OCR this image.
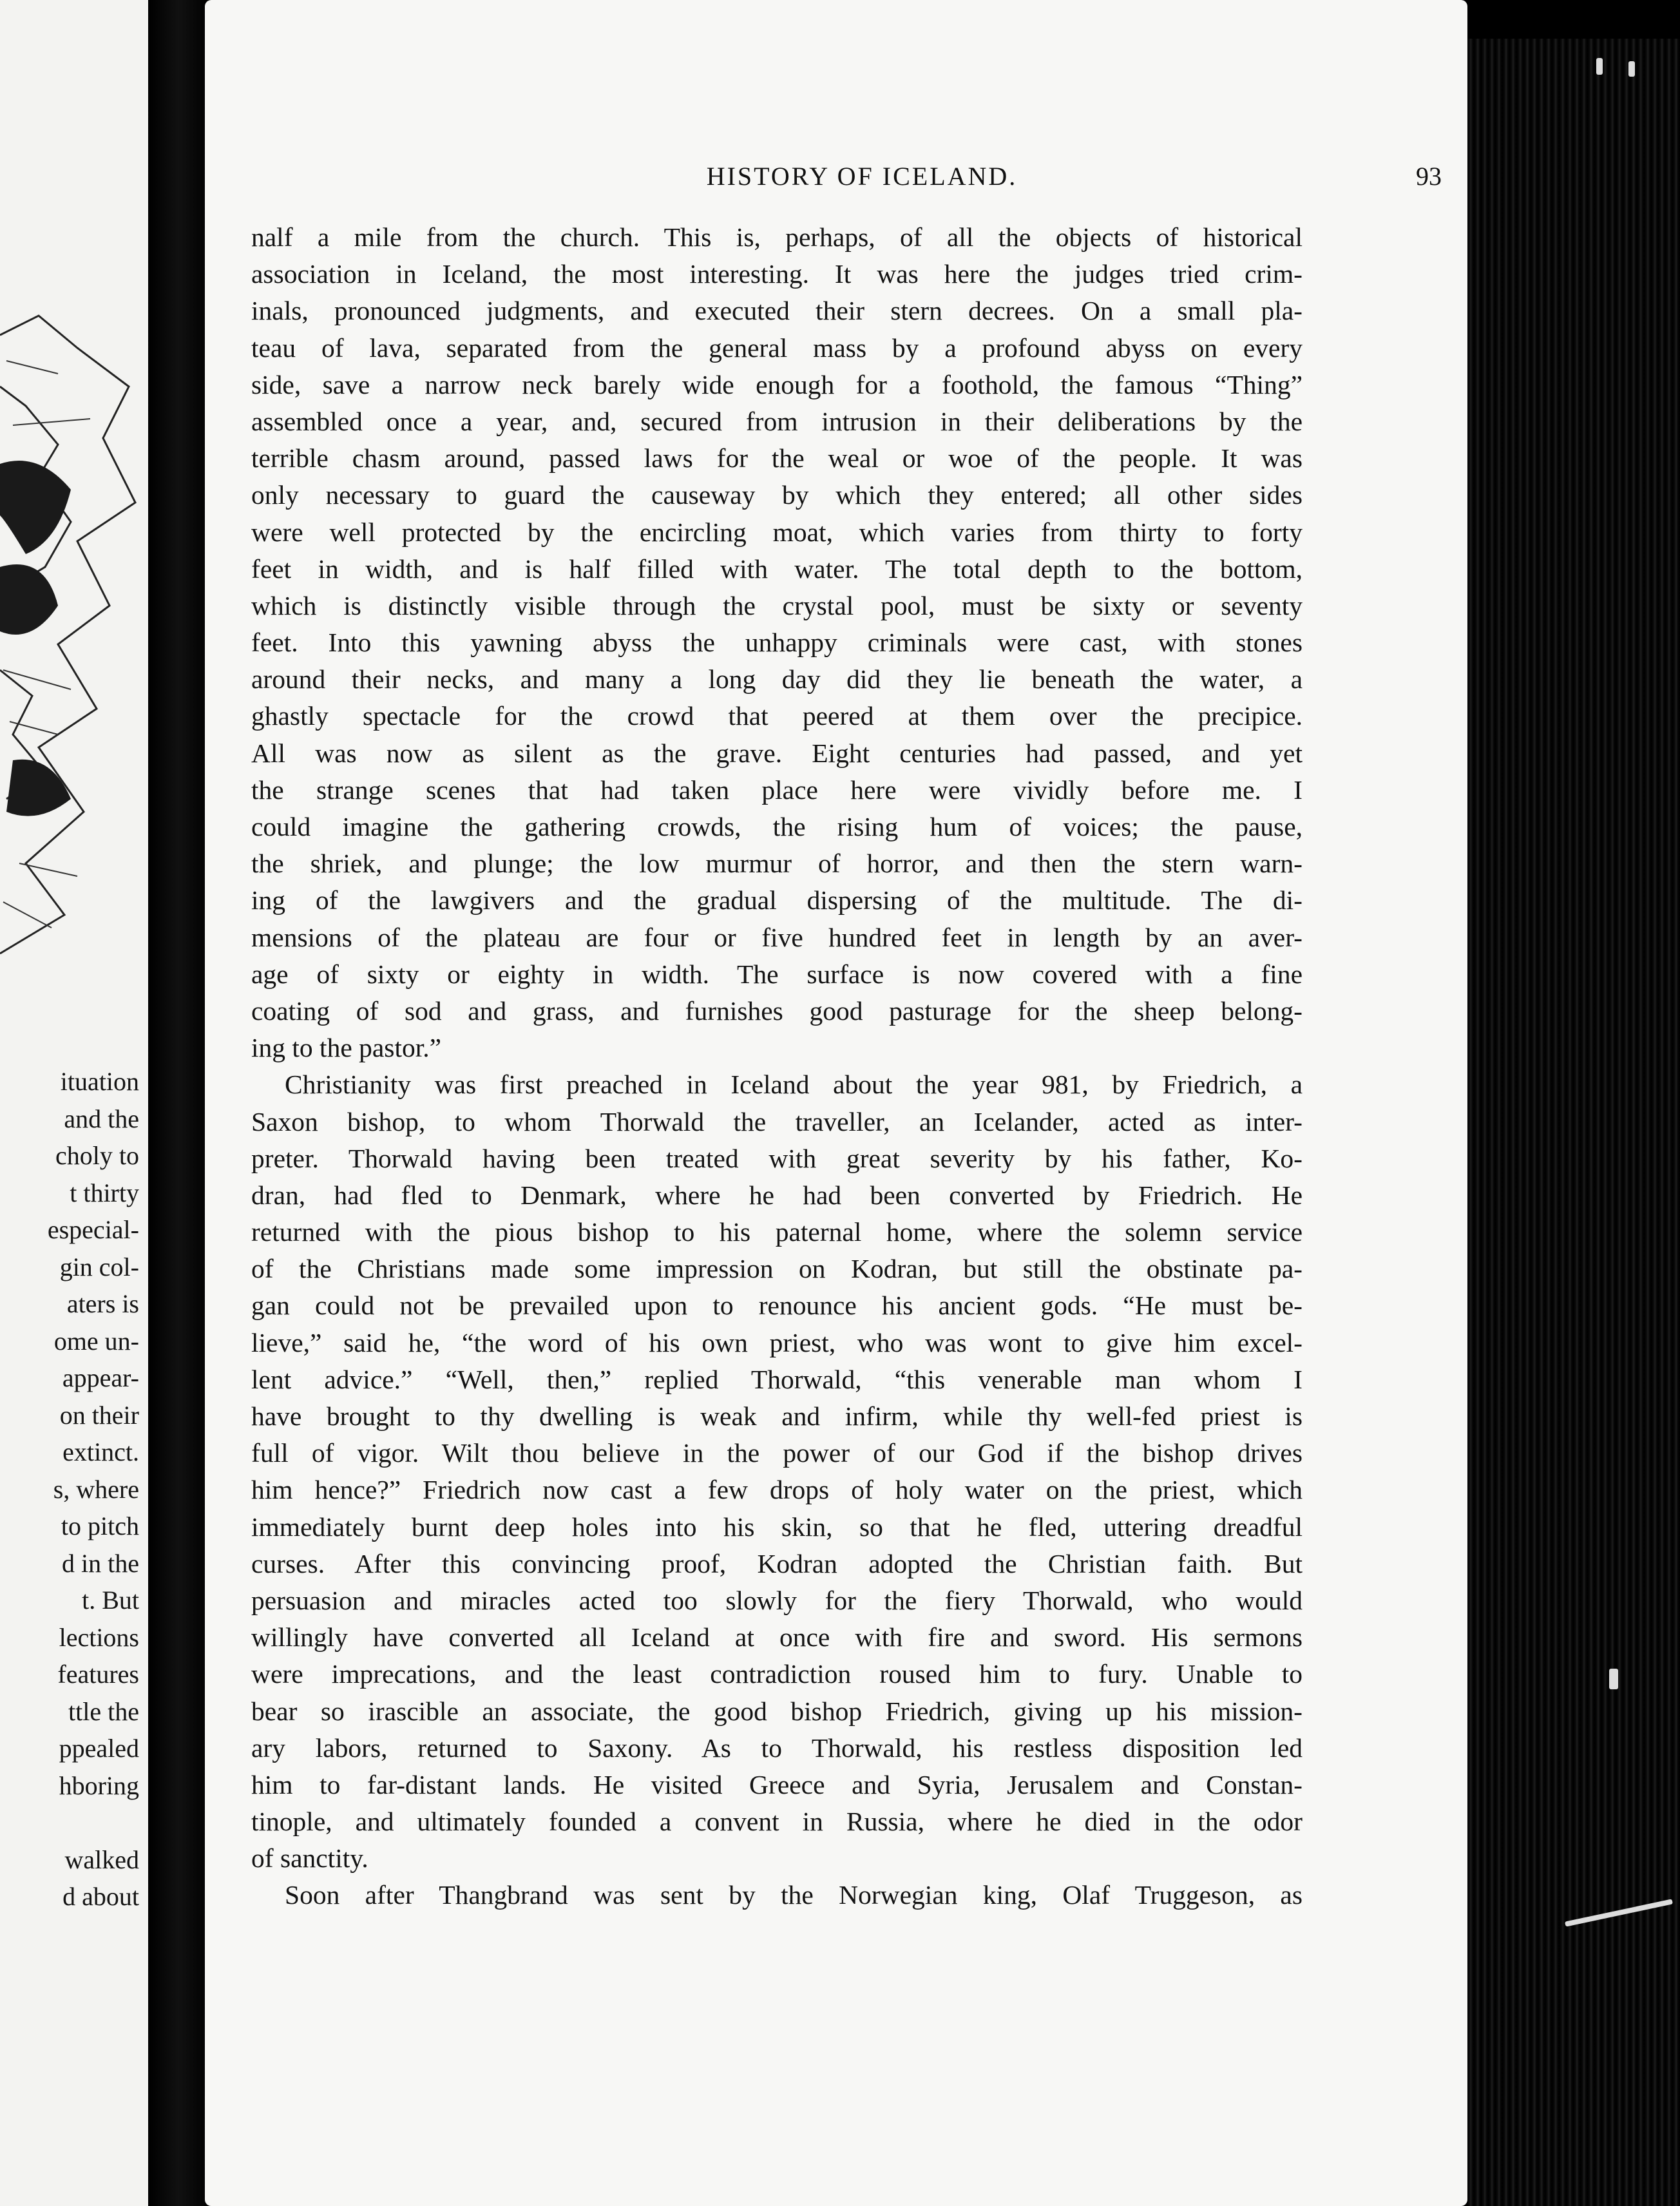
ituation
and the
choly to
t thirty
especial-
gin col-
aters is
ome un-
appear-
on their
extinct.
s, where
to pitch
d in the
t. But
lections
features
ttle the
ppealed
hboring
walked
d about
HISTORY OF ICELAND.	93
nalf a mile from the church. This is, perhaps, of all the objects of historical
association in Iceland, the most interesting. It was here the judges tried crim-
inals, pronounced judgments, and executed their stern decrees. On a small pla-
teau of lava, separated from the general mass by a profound abyss on every
side, save a narrow neck barely wide enough for a foothold, the famous “Thing”
assembled once a year, and, secured from intrusion in their deliberations by the
terrible chasm around, passed laws for the weal or woe of the people. It was
only necessary to guard the causeway by which they entered; all other sides
were well protected by the encircling moat, which varies from thirty to forty
feet in width, and is half filled with water. The total depth to the bottom,
which is distinctly visible through the crystal pool, must be sixty or seventy
feet. Into this yawning abyss the unhappy criminals were cast, with stones
around their necks, and many a long day did they lie beneath the water, a
ghastly spectacle for the crowd that peered at them over the precipice.
All was now as silent as the grave. Eight centuries had passed, and yet
the strange scenes that had taken place here were vividly before me. I
could imagine the gathering crowds, the rising hum of voices; the pause,
the shriek, and plunge; the low murmur of horror, and then the stern warn-
ing of the lawgivers and the gradual dispersing of the multitude. The di-
mensions of the plateau are four or five hundred feet in length by an aver-
age of sixty or eighty in width. The surface is now covered with a fine
coating of sod and grass, and furnishes good pasturage for the sheep belong-
ing to the pastor.”
Christianity was first preached in Iceland about the year 981, by Friedrich, a
Saxon bishop, to whom Thorwald the traveller, an Icelander, acted as inter-
preter. Thorwald having been treated with great severity by his father, Ko-
dran, had fled to Denmark, where he had been converted by Friedrich. He
returned with the pious bishop to his paternal home, where the solemn service
of the Christians made some impression on Kodran, but still the obstinate pa-
gan could not be prevailed upon to renounce his ancient gods. “He must be-
lieve,” said he, “the word of his own priest, who was wont to give him excel-
lent advice.” “Well, then,” replied Thorwald, “this venerable man whom I
have brought to thy dwelling is weak and infirm, while thy well-fed priest is
full of vigor. Wilt thou believe in the power of our God if the bishop drives
him hence?” Friedrich now cast a few drops of holy water on the priest, which
immediately burnt deep holes into his skin, so that he fled, uttering dreadful
curses. After this convincing proof, Kodran adopted the Christian faith. But
persuasion and miracles acted too slowly for the fiery Thorwald, who would
willingly have converted all Iceland at once with fire and sword. His sermons
were imprecations, and the least contradiction roused him to fury. Unable to
bear so irascible an associate, the good bishop Friedrich, giving up his mission-
ary labors, returned to Saxony. As to Thorwald, his restless disposition led
him to far-distant lands. He visited Greece and Syria, Jerusalem and Constan-
tinople, and ultimately founded a convent in Russia, where he died in the odor
of sanctity.
Soon after Thangbrand was sent by the Norwegian king, Olaf Truggeson, as
